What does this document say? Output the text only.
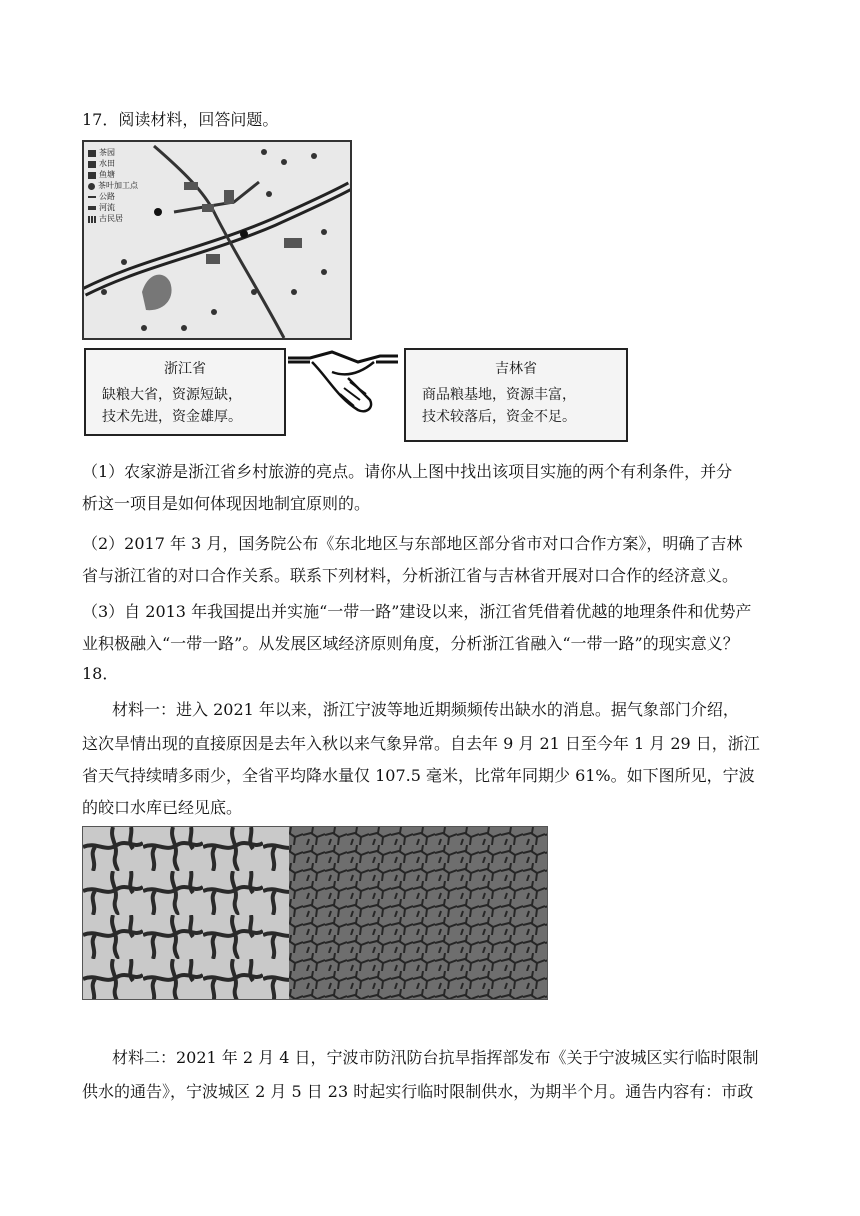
17．阅读材料，回答问题。
茶园
水田
鱼塘
茶叶加工点
公路
河流
古民居
浙江省
缺粮大省，资源短缺，
技术先进，资金雄厚。
吉林省
商品粮基地，资源丰富，
技术较落后，资金不足。
（1）农家游是浙江省乡村旅游的亮点。请你从上图中找出该项目实施的两个有利条件，并分
析这一项目是如何体现因地制宜原则的。
（2）2017 年 3 月，国务院公布《东北地区与东部地区部分省市对口合作方案》，明确了吉林
省与浙江省的对口合作关系。联系下列材料，分析浙江省与吉林省开展对口合作的经济意义。
（3）自 2013 年我国提出并实施“一带一路”建设以来，浙江省凭借着优越的地理条件和优势产
业积极融入“一带一路”。从发展区域经济原则角度，分析浙江省融入“一带一路”的现实意义？
18．
材料一：进入 2021 年以来，浙江宁波等地近期频频传出缺水的消息。据气象部门介绍，
这次旱情出现的直接原因是去年入秋以来气象异常。自去年 9 月 21 日至今年 1 月 29 日，浙江
省天气持续晴多雨少，全省平均降水量仅 107.5 毫米，比常年同期少 61%。如下图所见，宁波
的皎口水库已经见底。
材料二：2021 年 2 月 4 日，宁波市防汛防台抗旱指挥部发布《关于宁波城区实行临时限制
供水的通告》，宁波城区 2 月 5 日 23 时起实行临时限制供水，为期半个月。通告内容有：市政
